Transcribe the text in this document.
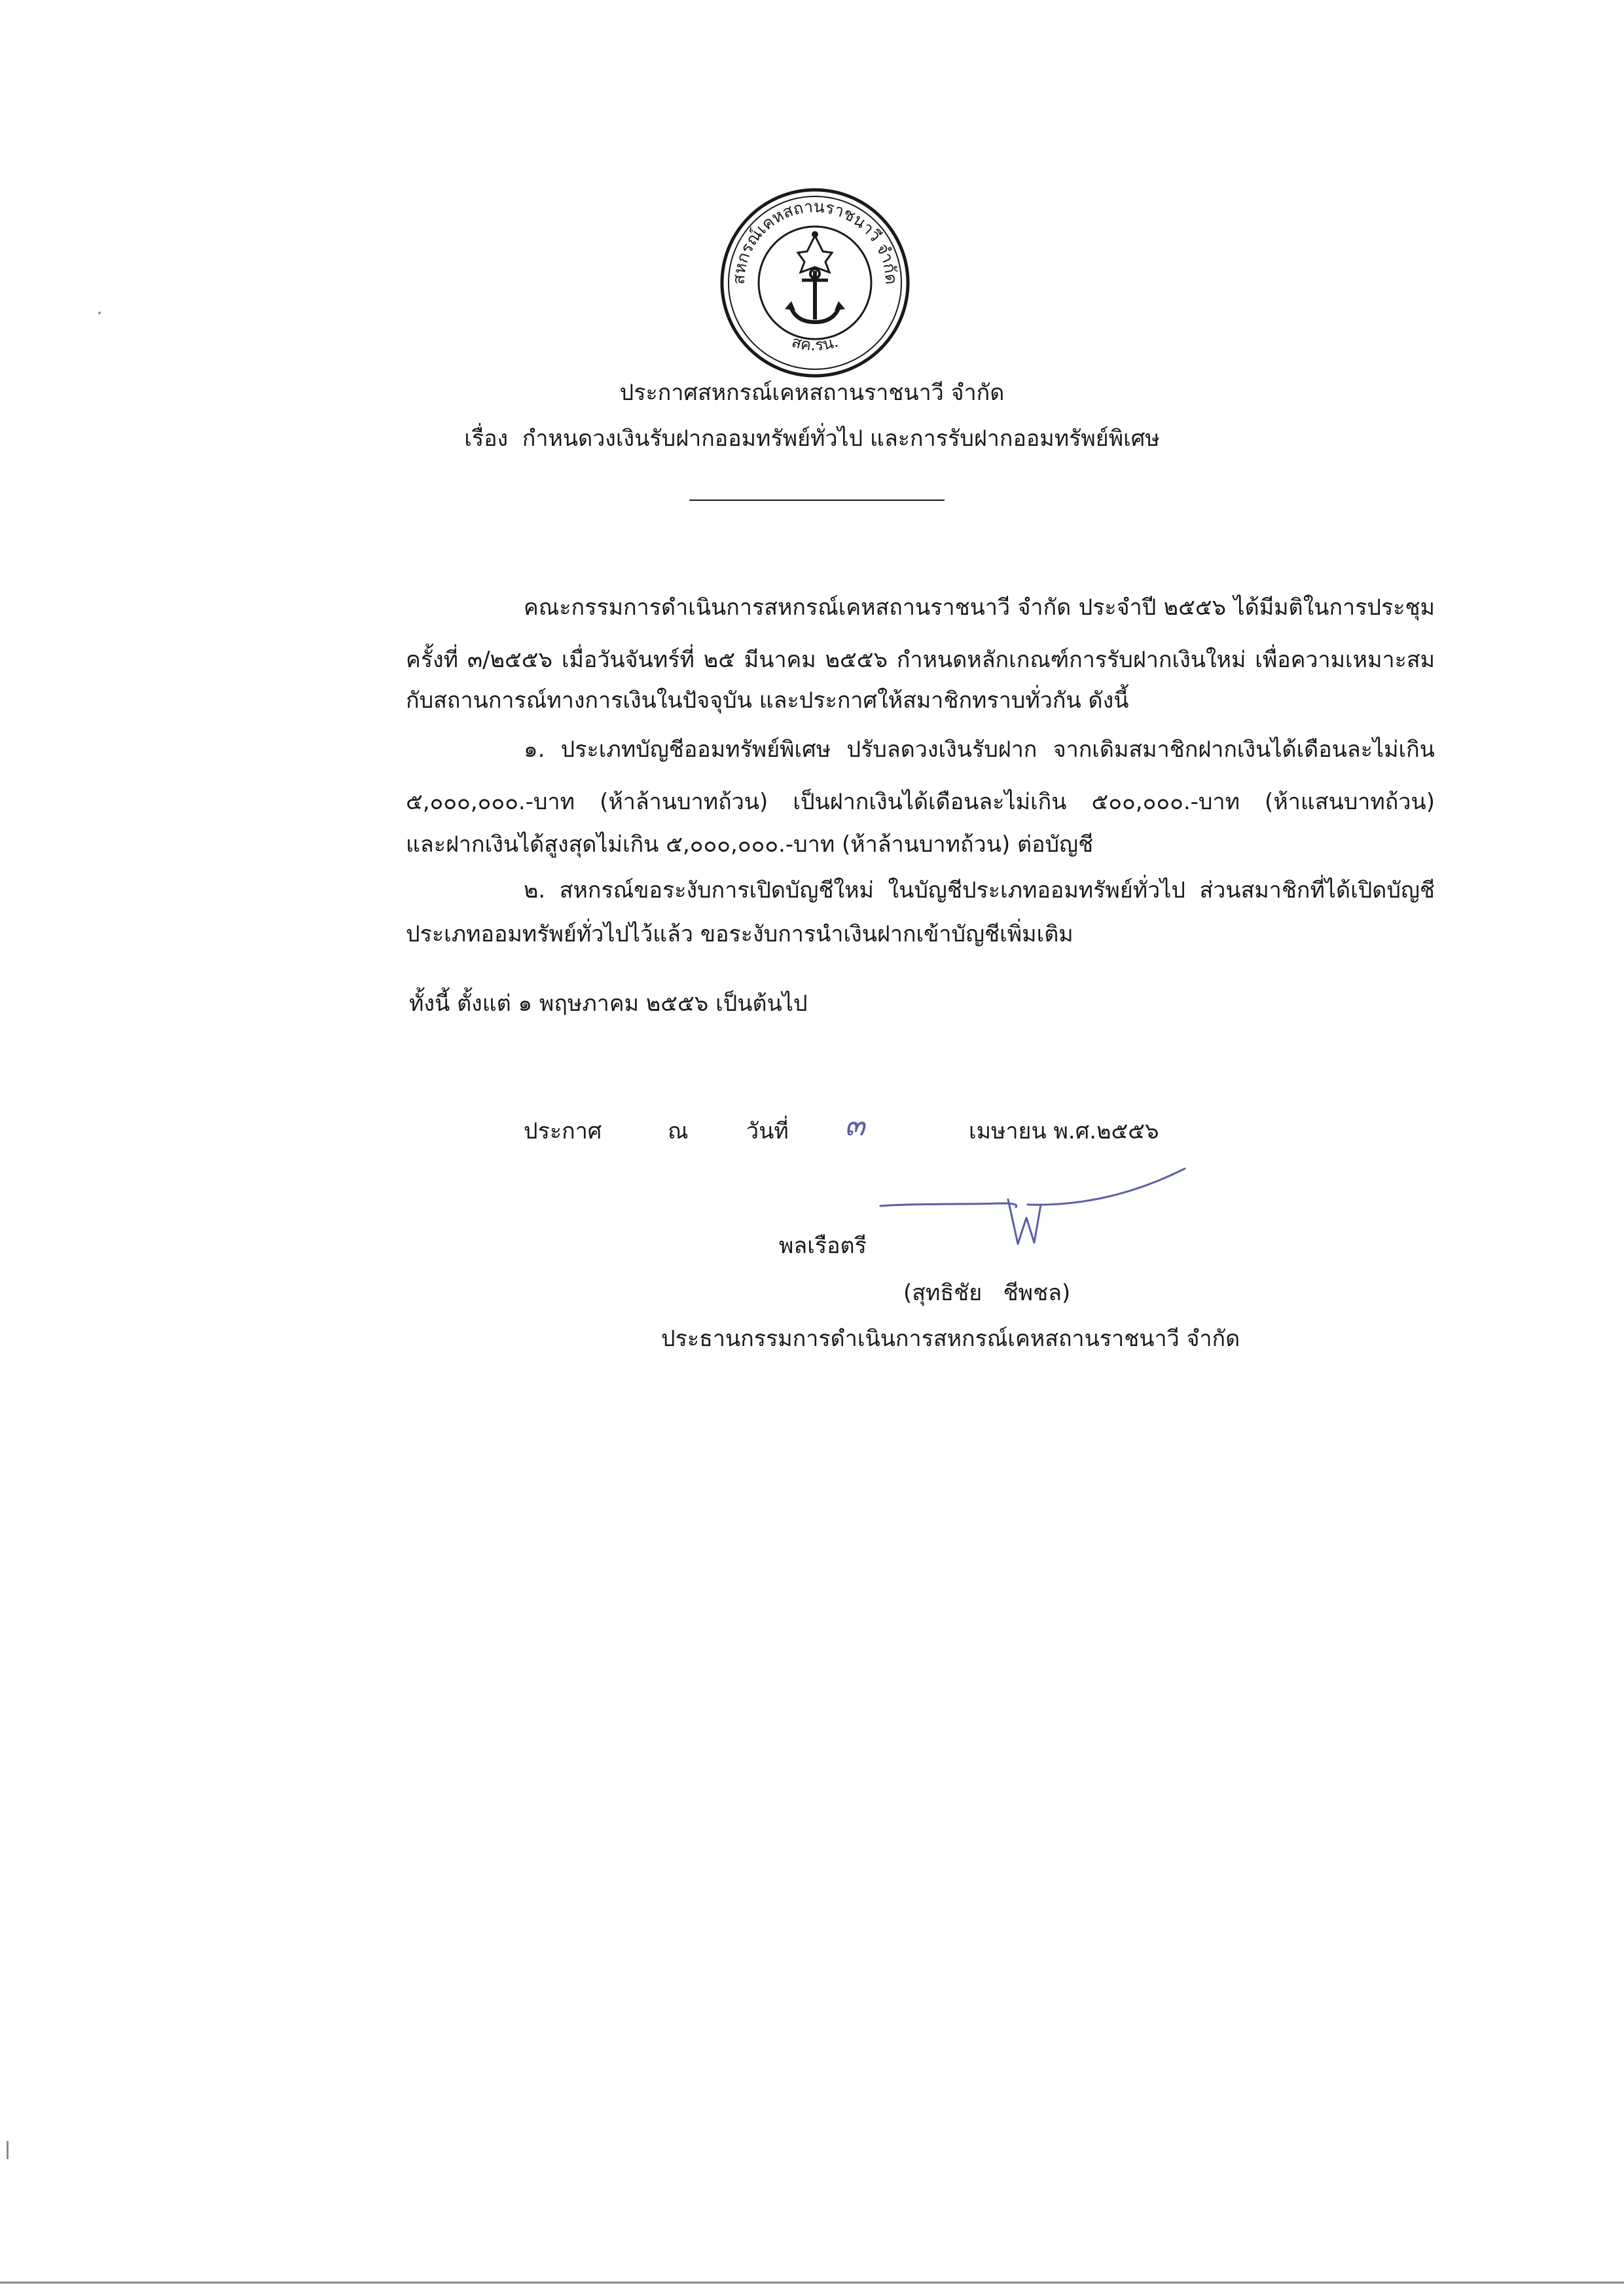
สหกรณ์เคหสถานราชนาวี จำกัด
สค.รน.
ประกาศสหกรณ์เคหสถานราชนาวี จำกัด
เรื่อง กำหนดวงเงินรับฝากออมทรัพย์ทั่วไป และการรับฝากออมทรัพย์พิเศษ
คณะกรรมการดำเนินการสหกรณ์เคหสถานราชนาวี จำกัด ประจำปี ๒๕๕๖ ได้มีมติในการประชุม
ครั้งที่ ๓/๒๕๕๖ เมื่อวันจันทร์ที่ ๒๕ มีนาคม ๒๕๕๖ กำหนดหลักเกณฑ์การรับฝากเงินใหม่ เพื่อความเหมาะสม
กับสถานการณ์ทางการเงินในปัจจุบัน และประกาศให้สมาชิกทราบทั่วกัน ดังนี้
๑. ประเภทบัญชีออมทรัพย์พิเศษ ปรับลดวงเงินรับฝาก จากเดิมสมาชิกฝากเงินได้เดือนละไม่เกิน
๕,๐๐๐,๐๐๐.-บาท (ห้าล้านบาทถ้วน) เป็นฝากเงินได้เดือนละไม่เกิน ๕๐๐,๐๐๐.-บาท (ห้าแสนบาทถ้วน)
และฝากเงินได้สูงสุดไม่เกิน ๕,๐๐๐,๐๐๐.-บาท (ห้าล้านบาทถ้วน) ต่อบัญชี
๒. สหกรณ์ขอระงับการเปิดบัญชีใหม่ ในบัญชีประเภทออมทรัพย์ทั่วไป ส่วนสมาชิกที่ได้เปิดบัญชี
ประเภทออมทรัพย์ทั่วไปไว้แล้ว ขอระงับการนำเงินฝากเข้าบัญชีเพิ่มเติม
ทั้งนี้ ตั้งแต่ ๑ พฤษภาคม ๒๕๕๖ เป็นต้นไป
ประกาศ	ณ	วันที่ ๓	เมษายน พ.ศ.๒๕๕๖
พลเรือตรี
(สุทธิชัย   ชีพชล)
ประธานกรรมการดำเนินการสหกรณ์เคหสถานราชนาวี จำกัด
